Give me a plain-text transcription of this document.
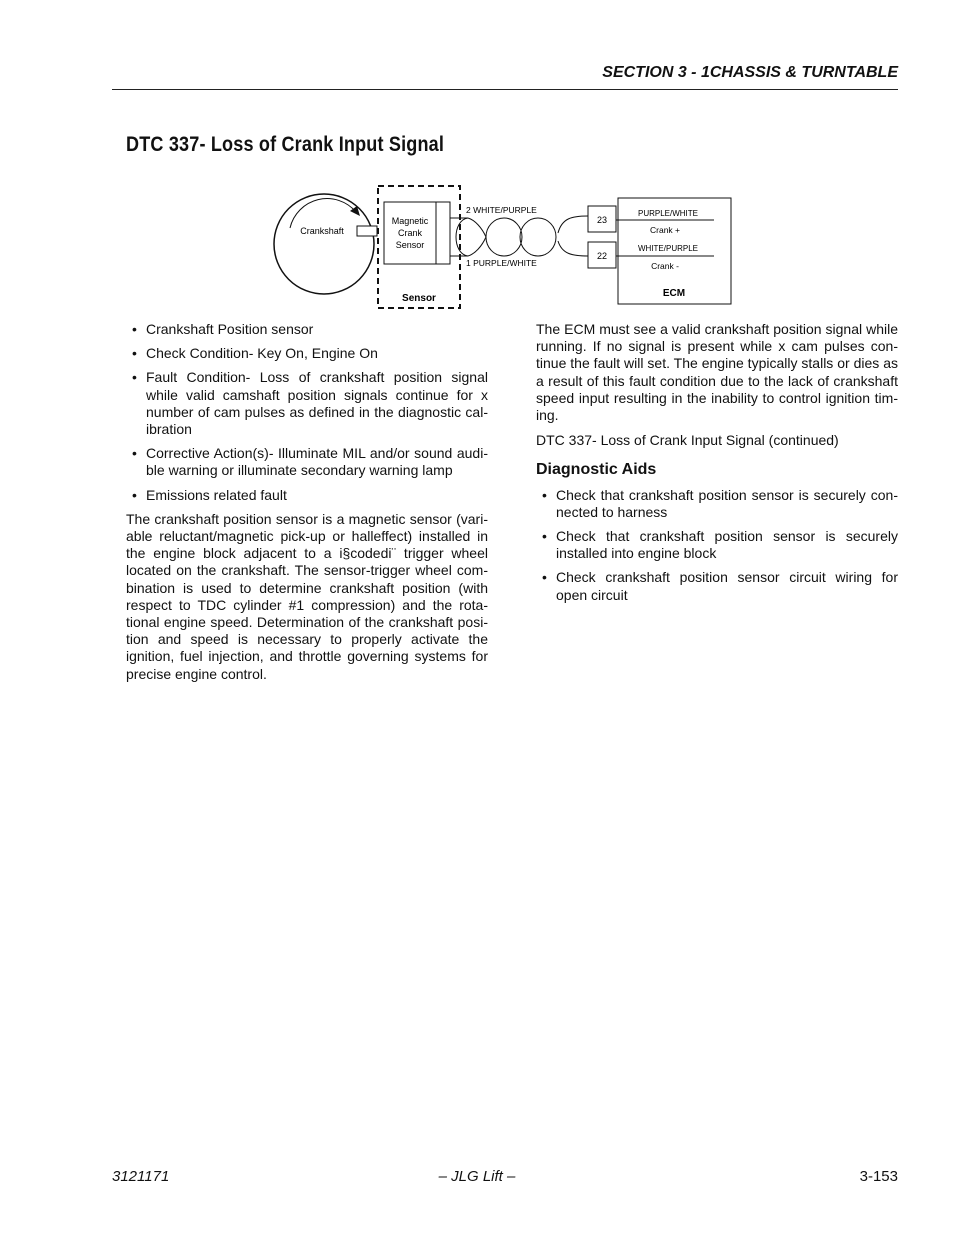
SECTION 3 - 1CHASSIS & TURNTABLE
DTC 337- Loss of Crank Input Signal
Crankshaft
Magnetic
Crank
Sensor
Sensor
2 WHITE/PURPLE
1 PURPLE/WHITE
23
22
PURPLE/WHITE
Crank +
WHITE/PURPLE
Crank -
ECM
• Crankshaft Position sensor
• Check Condition- Key On, Engine On
• Fault Condition- Loss of crankshaft position signal while valid camshaft position signals continue for x number of cam pulses as defined in the diagnostic cal-ibration
• Corrective Action(s)- Illuminate MIL and/or sound audi-ble warning or illuminate secondary warning lamp
• Emissions related fault

The crankshaft position sensor is a magnetic sensor (vari-able reluctant/magnetic pick-up or halleffect) installed in the engine block adjacent to a i§codedi¨ trigger wheel located on the crankshaft. The sensor-trigger wheel com-bination is used to determine crankshaft position (with respect to TDC cylinder #1 compression) and the rota-tional engine speed. Determination of the crankshaft posi-tion and speed is necessary to properly activate the ignition, fuel injection, and throttle governing systems for precise engine control.

The ECM must see a valid crankshaft position signal while running. If no signal is present while x cam pulses con-tinue the fault will set. The engine typically stalls or dies as a result of this fault condition due to the lack of crankshaft speed input resulting in the inability to control ignition tim-ing.

DTC 337- Loss of Crank Input Signal (continued)

Diagnostic Aids
• Check that crankshaft position sensor is securely con-nected to harness
• Check that crankshaft position sensor is securely installed into engine block
• Check crankshaft position sensor circuit wiring for open circuit
3121171	– JLG Lift –	3-153
